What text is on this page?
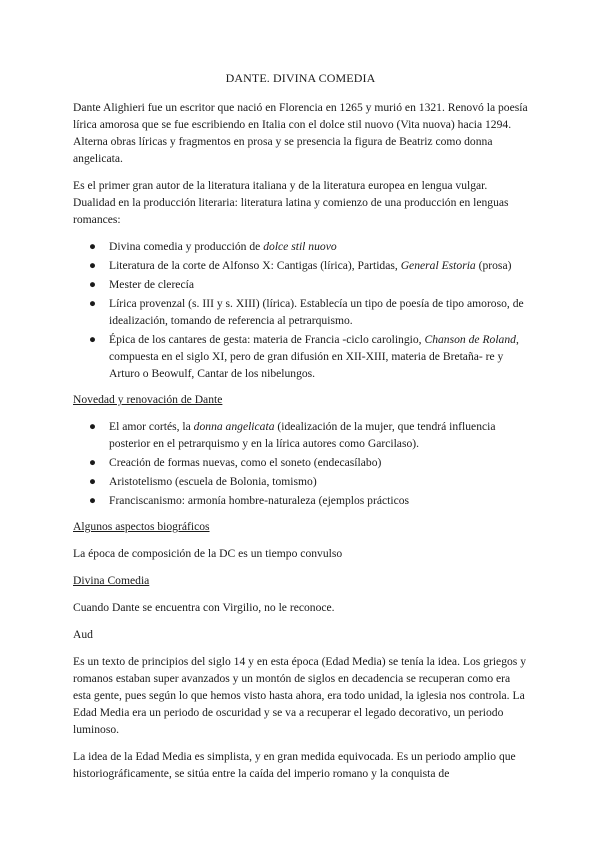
DANTE. DIVINA COMEDIA

Dante Alighieri fue un escritor que nació en Florencia en 1265 y murió en 1321. Renovó la poesía lírica amorosa que se fue escribiendo en Italia con el dolce stil nuovo (Vita nuova) hacia 1294. Alterna obras líricas y fragmentos en prosa y se presencia la figura de Beatriz como donna angelicata.

Es el primer gran autor de la literatura italiana y de la literatura europea en lengua vulgar. Dualidad en la producción literaria: literatura latina y comienzo de una producción en lenguas romances:

● Divina comedia y producción de dolce stil nuovo
● Literatura de la corte de Alfonso X: Cantigas (lírica), Partidas, General Estoria (prosa)
● Mester de clerecía
● Lírica provenzal (s. III y s. XIII) (lírica). Establecía un tipo de poesía de tipo amoroso, de idealización, tomando de referencia al petrarquismo.
● Épica de los cantares de gesta: materia de Francia -ciclo carolingio, Chanson de Roland, compuesta en el siglo XI, pero de gran difusión en XII-XIII, materia de Bretaña- re y Arturo o Beowulf, Cantar de los nibelungos.
Novedad y renovación de Dante
● El amor cortés, la donna angelicata (idealización de la mujer, que tendrá influencia posterior en el petrarquismo y en la lírica autores como Garcilaso).
● Creación de formas nuevas, como el soneto (endecasílabo)
● Aristotelismo (escuela de Bolonia, tomismo)
● Franciscanismo: armonía hombre-naturaleza (ejemplos prácticos
Algunos aspectos biográficos

La época de composición de la DC es un tiempo convulso

Divina Comedia

Cuando Dante se encuentra con Virgilio, no le reconoce.

Aud

Es un texto de principios del siglo 14 y en esta época (Edad Media) se tenía la idea. Los griegos y romanos estaban super avanzados y un montón de siglos en decadencia se recuperan como era esta gente, pues según lo que hemos visto hasta ahora, era todo unidad, la iglesia nos controla. La Edad Media era un periodo de oscuridad y se va a recuperar el legado decorativo, un periodo luminoso.

La idea de la Edad Media es simplista, y en gran medida equivocada. Es un periodo amplio que historiográficamente, se sitúa entre la caída del imperio romano y la conquista de
